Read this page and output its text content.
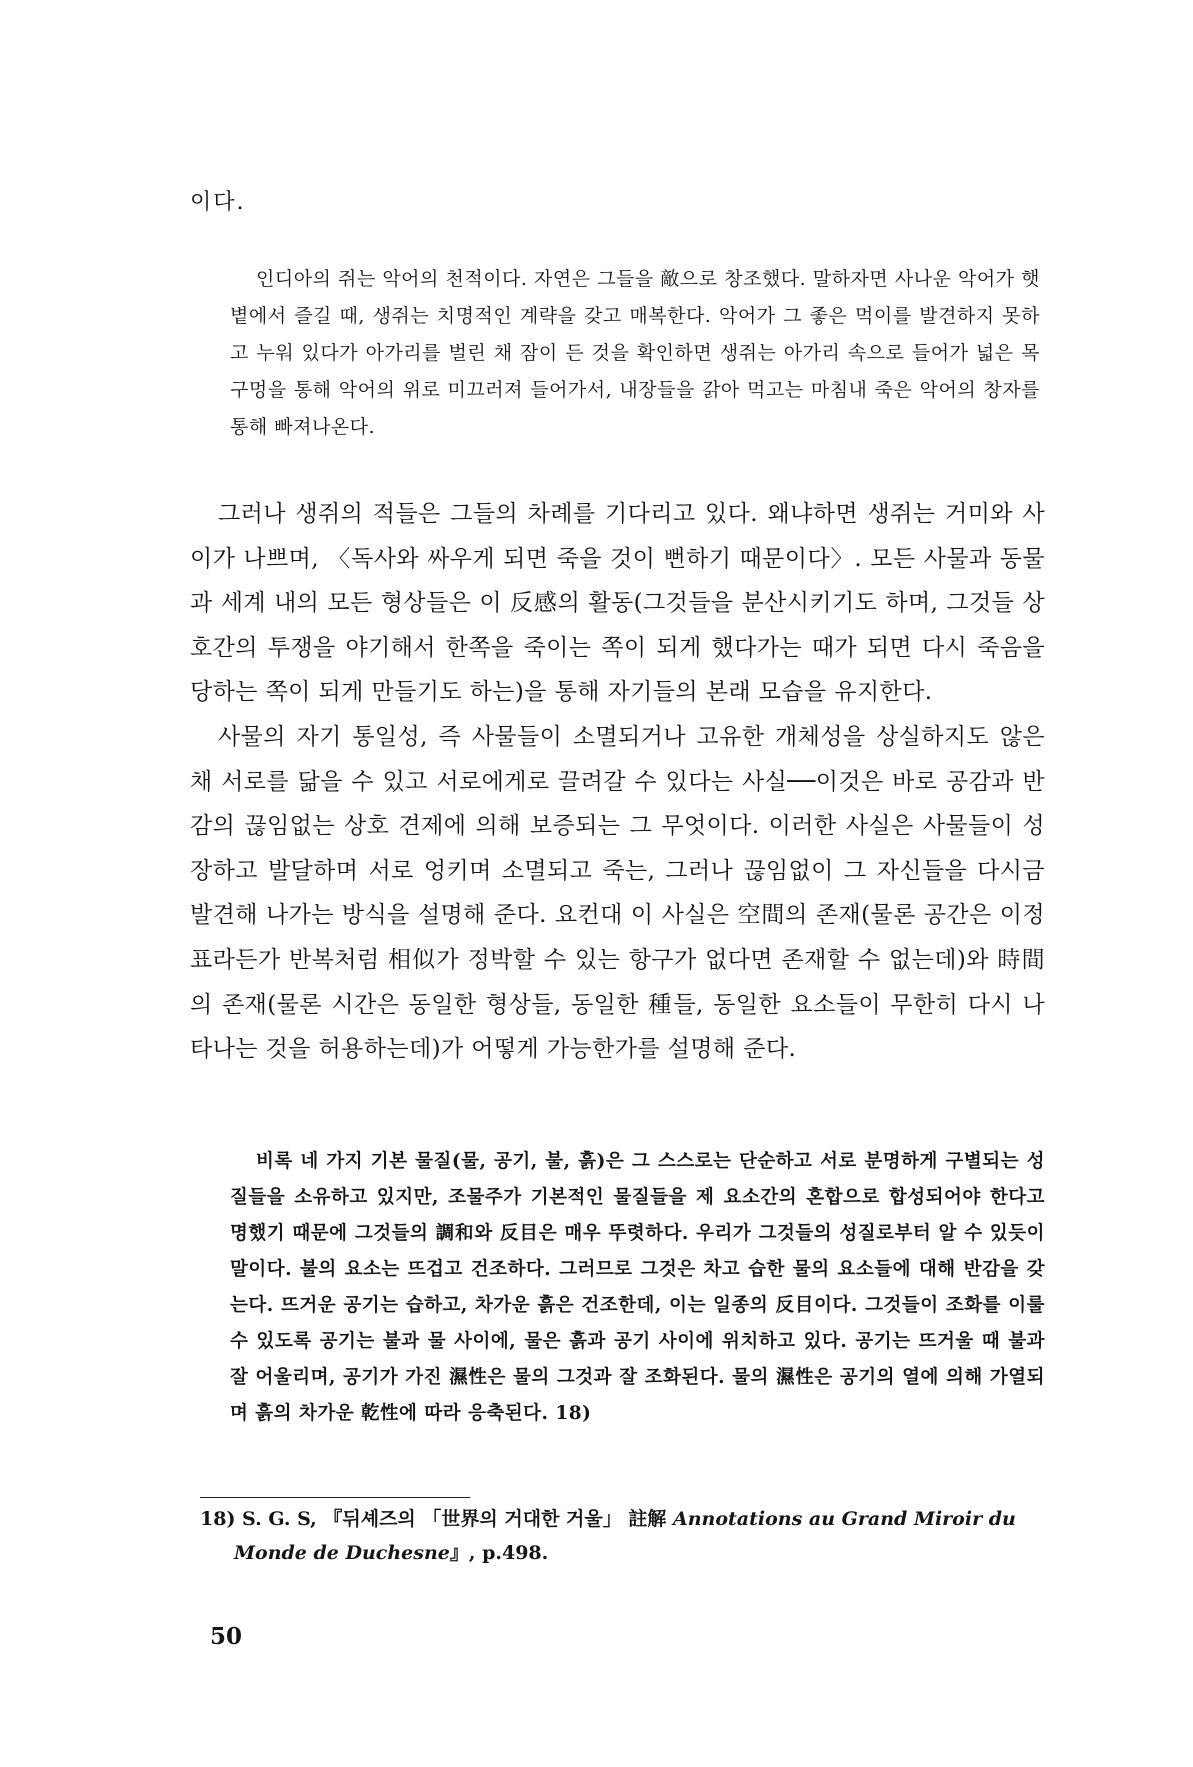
이다.

인디아의 쥐는 악어의 천적이다. 자연은 그들을 敵으로 창조했다. 말하자면 사나운 악어가 햇볕에서 즐길 때, 생쥐는 치명적인 계략을 갖고 매복한다. 악어가 그 좋은 먹이를 발견하지 못하고 누워 있다가 아가리를 벌린 채 잠이 든 것을 확인하면 생쥐는 아가리 속으로 들어가 넓은 목구멍을 통해 악어의 위로 미끄러져 들어가서, 내장들을 갉아 먹고는 마침내 죽은 악어의 창자를 통해 빠져나온다.

그러나 생쥐의 적들은 그들의 차례를 기다리고 있다. 왜냐하면 생쥐는 거미와 사이가 나쁘며, 〈독사와 싸우게 되면 죽을 것이 뻔하기 때문이다〉. 모든 사물과 동물과 세계 내의 모든 형상들은 이 反感의 활동(그것들을 분산시키기도 하며, 그것들 상호간의 투쟁을 야기해서 한쪽을 죽이는 쪽이 되게 했다가는 때가 되면 다시 죽음을 당하는 쪽이 되게 만들기도 하는)을 통해 자기들의 본래 모습을 유지한다.

사물의 자기 통일성, 즉 사물들이 소멸되거나 고유한 개체성을 상실하지도 않은 채 서로를 닮을 수 있고 서로에게로 끌려갈 수 있다는 사실──이것은 바로 공감과 반감의 끊임없는 상호 견제에 의해 보증되는 그 무엇이다. 이러한 사실은 사물들이 성장하고 발달하며 서로 엉키며 소멸되고 죽는, 그러나 끊임없이 그 자신들을 다시금 발견해 나가는 방식을 설명해 준다. 요컨대 이 사실은 空間의 존재(물론 공간은 이정표라든가 반복처럼 相似가 정박할 수 있는 항구가 없다면 존재할 수 없는데)와 時間의 존재(물론 시간은 동일한 형상들, 동일한 種들, 동일한 요소들이 무한히 다시 나타나는 것을 허용하는데)가 어떻게 가능한가를 설명해 준다.

비록 네 가지 기본 물질(물, 공기, 불, 흙)은 그 스스로는 단순하고 서로 분명하게 구별되는 성질들을 소유하고 있지만, 조물주가 기본적인 물질들을 제 요소간의 혼합으로 합성되어야 한다고 명했기 때문에 그것들의 調和와 反目은 매우 뚜렷하다. 우리가 그것들의 성질로부터 알 수 있듯이 말이다. 불의 요소는 뜨겁고 건조하다. 그러므로 그것은 차고 습한 물의 요소들에 대해 반감을 갖는다. 뜨거운 공기는 습하고, 차가운 흙은 건조한데, 이는 일종의 反目이다. 그것들이 조화를 이룰 수 있도록 공기는 불과 물 사이에, 물은 흙과 공기 사이에 위치하고 있다. 공기는 뜨거울 때 불과 잘 어울리며, 공기가 가진 濕性은 물의 그것과 잘 조화된다. 물의 濕性은 공기의 열에 의해 가열되며 흙의 차가운 乾性에 따라 응축된다. 18)

18) S. G. S, 『뒤셰즈의 「世界의 거대한 거울」 註解 Annotations au Grand Miroir du
Monde de Duchesne』, p.498.
50
